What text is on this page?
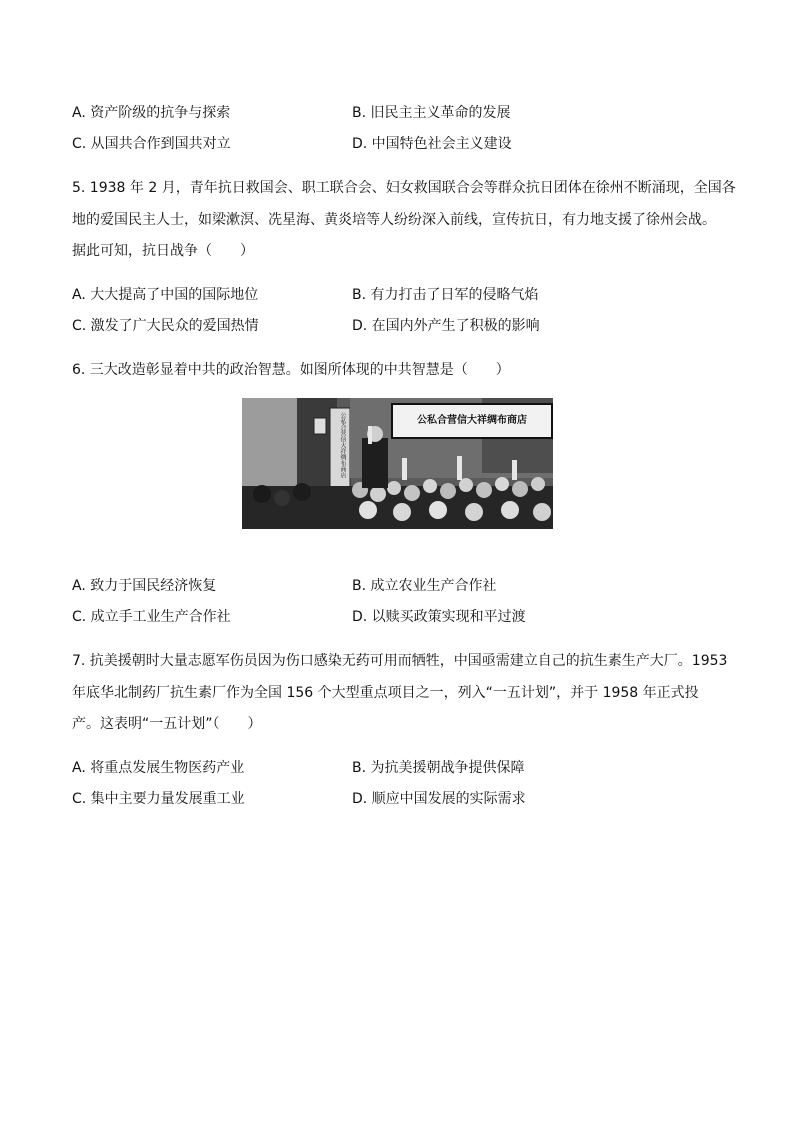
A. 资产阶级的抗争与探索	B. 旧民主主义革命的发展
C. 从国共合作到国共对立	D. 中国特色社会主义建设
5. 1938 年 2 月，青年抗日救国会、职工联合会、妇女救国联合会等群众抗日团体在徐州不断涌现，全国各
地的爱国民主人士，如梁漱溟、冼星海、黄炎培等人纷纷深入前线，宣传抗日，有力地支援了徐州会战。
据此可知，抗日战争（　　）
A. 大大提高了中国的国际地位	B. 有力打击了日军的侵略气焰
C. 激发了广大民众的爱国热情	D. 在国内外产生了积极的影响
6. 三大改造彰显着中共的政治智慧。如图所体现的中共智慧是（　　）
公私合营信大祥绸布商店
公私合营信大祥绸布商店
A. 致力于国民经济恢复	B. 成立农业生产合作社
C. 成立手工业生产合作社	D. 以赎买政策实现和平过渡
7. 抗美援朝时大量志愿军伤员因为伤口感染无药可用而牺牲，中国亟需建立自己的抗生素生产大厂。1953
年底华北制药厂抗生素厂作为全国 156 个大型重点项目之一，列入“一五计划”，并于 1958 年正式投
产。这表明“一五计划”（　　）
A. 将重点发展生物医药产业	B. 为抗美援朝战争提供保障
C. 集中主要力量发展重工业	D. 顺应中国发展的实际需求
